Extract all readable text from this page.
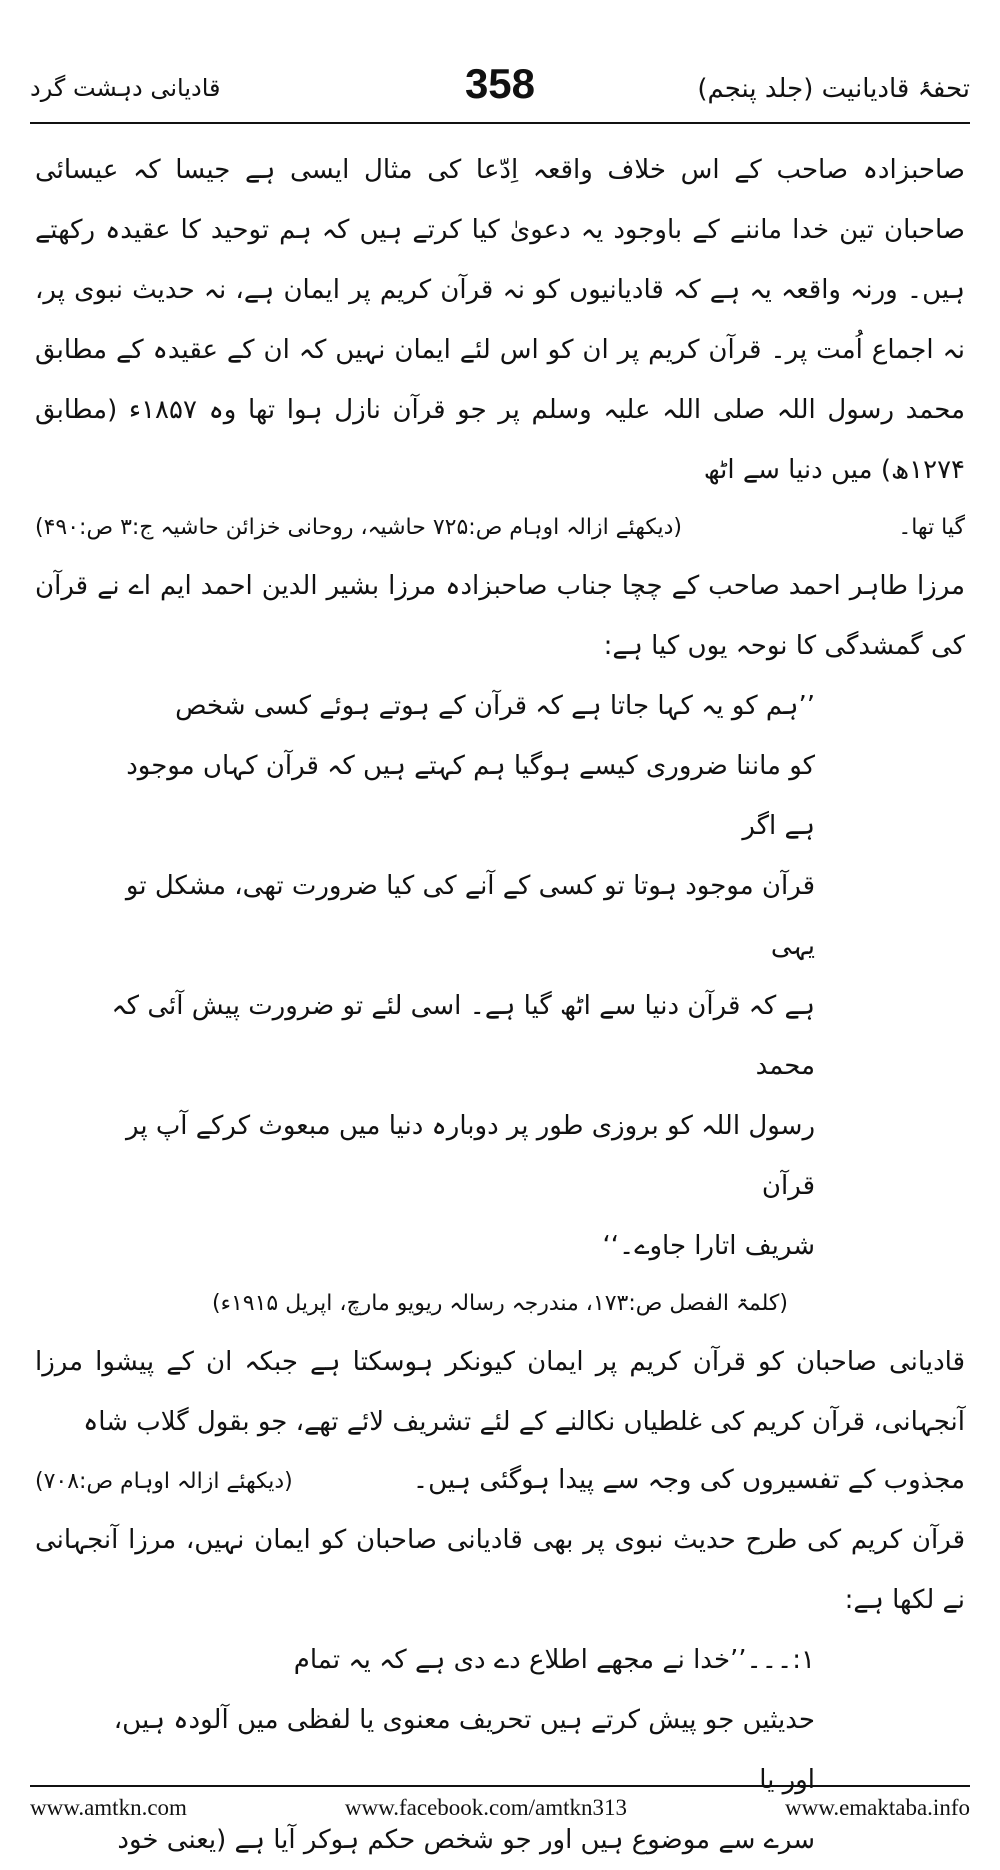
قادیانی دہشت گرد	358	تحفۂ قادیانیت (جلد پنجم)

صاحبزادہ صاحب کے اس خلاف واقعہ اِدّعا کی مثال ایسی ہے جیسا کہ عیسائی صاحبان تین خدا ماننے کے باوجود یہ دعویٰ کیا کرتے ہیں کہ ہم توحید کا عقیدہ رکھتے ہیں۔ ورنہ واقعہ یہ ہے کہ قادیانیوں کو نہ قرآن کریم پر ایمان ہے، نہ حدیث نبوی پر، نہ اجماع اُمت پر۔ قرآن کریم پر ان کو اس لئے ایمان نہیں کہ ان کے عقیدہ کے مطابق محمد رسول اللہ صلی اللہ علیہ وسلم پر جو قرآن نازل ہوا تھا وہ ۱۸۵۷ء (مطابق ۱۲۷۴ھ) میں دنیا سے اٹھ

گیا تھا۔
(دیکھئے ازالہ اوہام ص:۷۲۵ حاشیہ، روحانی خزائن حاشیہ ج:۳ ص:۴۹۰)

مرزا طاہر احمد صاحب کے چچا جناب صاحبزادہ مرزا بشیر الدین احمد ایم اے نے قرآن کی گمشدگی کا نوحہ یوں کیا ہے:

’’ہم کو یہ کہا جاتا ہے کہ قرآن کے ہوتے ہوئے کسی شخص

کو ماننا ضروری کیسے ہوگیا ہم کہتے ہیں کہ قرآن کہاں موجود ہے اگر

قرآن موجود ہوتا تو کسی کے آنے کی کیا ضرورت تھی، مشکل تو یہی

ہے کہ قرآن دنیا سے اٹھ گیا ہے۔ اسی لئے تو ضرورت پیش آئی کہ محمد

رسول اللہ کو بروزی طور پر دوبارہ دنیا میں مبعوث کرکے آپ پر قرآن

شریف اتارا جاوے۔‘‘

(کلمۃ الفصل ص:۱۷۳، مندرجہ رسالہ ریویو مارچ، اپریل ۱۹۱۵ء)

قادیانی صاحبان کو قرآن کریم پر ایمان کیونکر ہوسکتا ہے جبکہ ان کے پیشوا مرزا آنجہانی، قرآن کریم کی غلطیاں نکالنے کے لئے تشریف لائے تھے، جو بقول گلاب شاہ

مجذوب کے تفسیروں کی وجہ سے پیدا ہوگئی ہیں۔
(دیکھئے ازالہ اوہام ص:۷۰۸)

قرآن کریم کی طرح حدیث نبوی پر بھی قادیانی صاحبان کو ایمان نہیں، مرزا آنجہانی نے لکھا ہے:

۱:۔۔۔’’خدا نے مجھے اطلاع دے دی ہے کہ یہ تمام

حدیثیں جو پیش کرتے ہیں تحریف معنوی یا لفظی میں آلودہ ہیں، اور یا

سرے سے موضوع ہیں اور جو شخص حکم ہوکر آیا ہے (یعنی خود

www.amtkn.com	www.facebook.com/amtkn313	www.emaktaba.info
